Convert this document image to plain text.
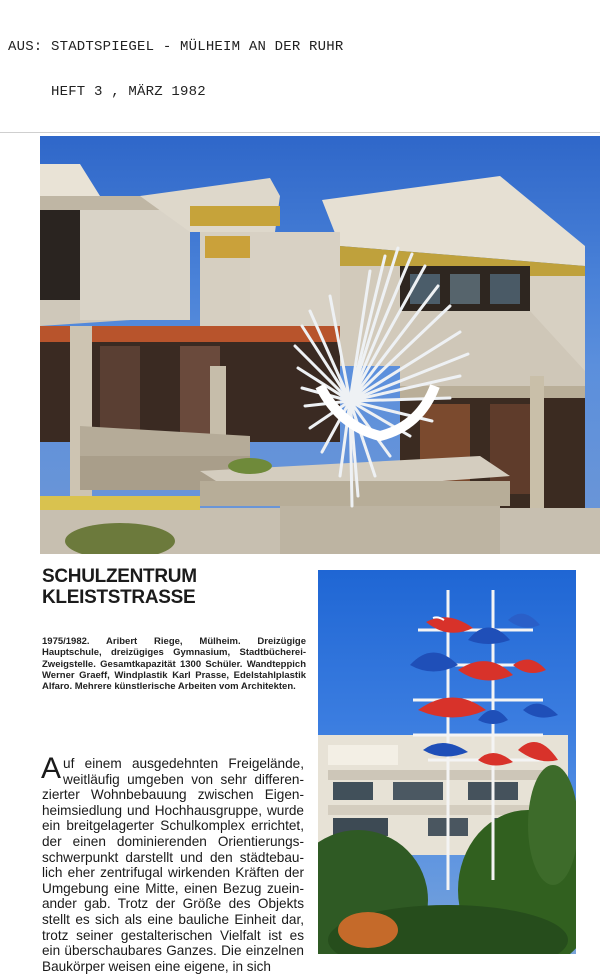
AUS: STADTSPIEGEL - MÜLHEIM AN DER RUHR

HEFT 3 , MÄRZ 1982

SCHULZENTRUM
KLEISTSTRASSE
1975/1982. Aribert Riege, Mülheim. Dreizügige Hauptschule, dreizügiges Gymnasium, Stadtbücherei-Zweigstelle. Gesamtkapazität 1300 Schüler. Wandteppich Werner Graeff, Windplastik Karl Prasse, Edelstahlplastik Alfaro. Mehrere künstlerische Arbeiten vom Architekten.
Auf einem ausgedehnten Freigelände, weitläufig umgeben von sehr differenzierter Wohnbebauung zwischen Eigenheimsiedlung und Hochhausgruppe, wurde ein breitgelagerter Schulkomplex errichtet, der einen dominierenden Orientierungsschwerpunkt darstellt und den städtebaulich eher zentrifugal wirkenden Kräften der Umgebung eine Mitte, einen Bezug zueinander gab. Trotz der Größe des Objekts stellt es sich als eine bauliche Einheit dar, trotz seiner gestalterischen Vielfalt ist es ein überschaubares Ganzes. Die einzelnen Baukörper weisen eine eigene, in sich
